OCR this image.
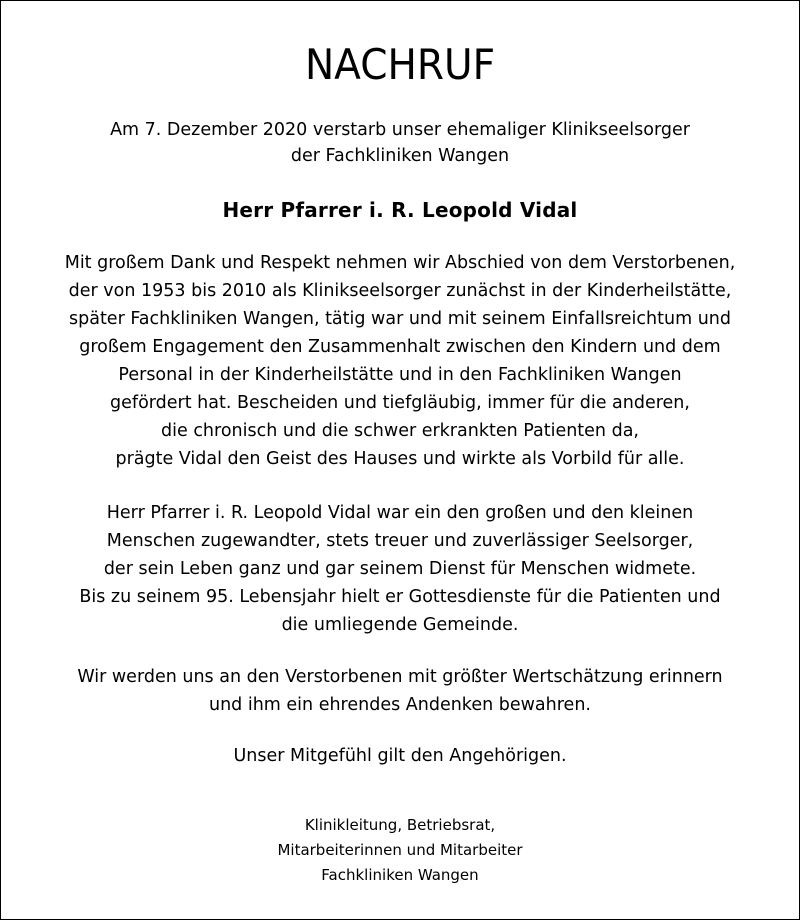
NACHRUF
Am 7. Dezember 2020 verstarb unser ehemaliger Klinikseelsorger
der Fachkliniken Wangen
Herr Pfarrer i. R. Leopold Vidal
Mit großem Dank und Respekt nehmen wir Abschied von dem Verstorbenen,
der von 1953 bis 2010 als Klinikseelsorger zunächst in der Kinderheilstätte,
später Fachkliniken Wangen, tätig war und mit seinem Einfallsreichtum und
großem Engagement den Zusammenhalt zwischen den Kindern und dem
Personal in der Kinderheilstätte und in den Fachkliniken Wangen
gefördert hat. Bescheiden und tiefgläubig, immer für die anderen,
die chronisch und die schwer erkrankten Patienten da,
prägte Vidal den Geist des Hauses und wirkte als Vorbild für alle.
Herr Pfarrer i. R. Leopold Vidal war ein den großen und den kleinen
Menschen zugewandter, stets treuer und zuverlässiger Seelsorger,
der sein Leben ganz und gar seinem Dienst für Menschen widmete.
Bis zu seinem 95. Lebensjahr hielt er Gottesdienste für die Patienten und
die umliegende Gemeinde.
Wir werden uns an den Verstorbenen mit größter Wertschätzung erinnern
und ihm ein ehrendes Andenken bewahren.
Unser Mitgefühl gilt den Angehörigen.
Klinikleitung, Betriebsrat,
Mitarbeiterinnen und Mitarbeiter
Fachkliniken Wangen
